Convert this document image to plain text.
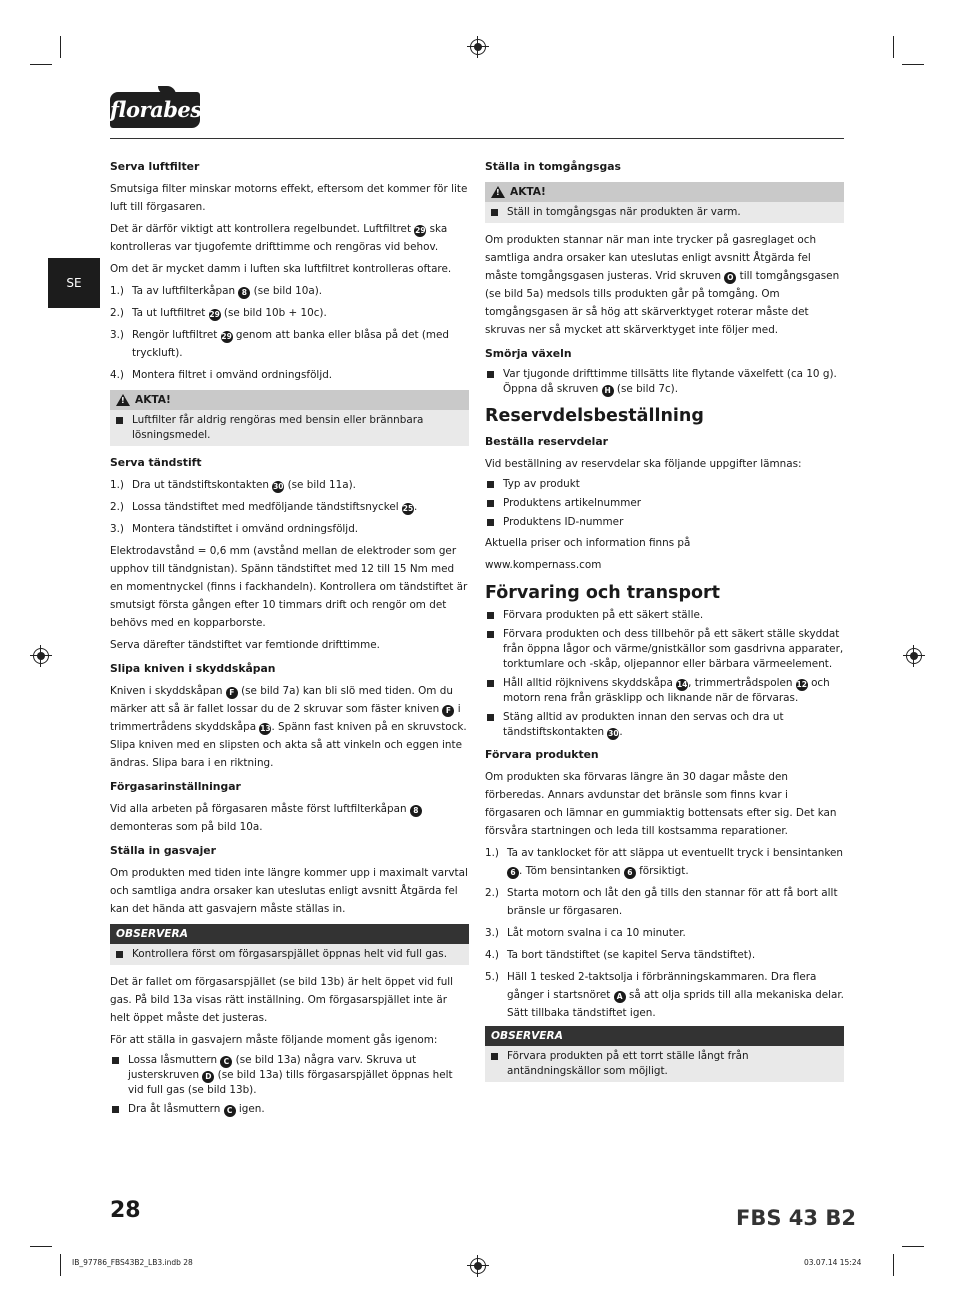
florabest
SE
Serva luftfilter

Smutsiga filter minskar motorns effekt, eftersom det kommer för lite luft till förgasaren.

Det är därför viktigt att kontrollera regelbundet. Luftfiltret 29 ska kontrolleras var tjugofemte drifttimme och rengöras vid behov.

Om det är mycket damm i luften ska luftfiltret kontrolleras oftare.

1.) Ta av luftfilterkåpan 8 (se bild 10a).
2.) Ta ut luftfiltret 29 (se bild 10b + 10c).
3.) Rengör luftfiltret 29 genom att banka eller blåsa på det (med tryckluft).
4.) Montera filtret i omvänd ordningsföljd.
!
AKTA!
Luftfilter får aldrig rengöras med bensin eller brännbara lösningsmedel.
Serva tändstift
1.) Dra ut tändstiftskontakten 30 (se bild 11a).
2.) Lossa tändstiftet med medföljande tändstiftsnyckel 25.
3.) Montera tändstiftet i omvänd ordningsföljd.

Elektrodavstånd = 0,6 mm (avstånd mellan de elektroder som ger upphov till tändgnistan). Spänn tändstiftet med 12 till 15 Nm med en momentnyckel (finns i fackhandeln). Kontrollera om tändstiftet är smutsigt första gången efter 10 timmars drift och rengör om det behövs med en kopparborste.

Serva därefter tändstiftet var femtionde drifttimme.

Slipa kniven i skyddskåpan

Kniven i skyddskåpan F (se bild 7a) kan bli slö med tiden. Om du märker att så är fallet lossar du de 2 skruvar som fäster kniven F i trimmertrådens skyddskåpa 13. Spänn fast kniven på en skruvstock. Slipa kniven med en slipsten och akta så att vinkeln och eggen inte ändras. Slipa bara i en riktning.

Förgasarinställningar

Vid alla arbeten på förgasaren måste först luftfilterkåpan 8 demonteras som på bild 10a.

Ställa in gasvajer

Om produkten med tiden inte längre kommer upp i maximalt varvtal och samtliga andra orsaker kan uteslutas enligt avsnitt Åtgärda fel kan det hända att gasvajern måste ställas in.

OBSERVERA
Kontrollera först om förgasarspjället öppnas helt vid full gas.

Det är fallet om förgasarspjället (se bild 13b) är helt öppet vid full gas. På bild 13a visas rätt inställning. Om förgasarspjället inte är helt öppet måste det justeras.

För att ställa in gasvajern måste följande moment gås igenom:

Lossa låsmuttern C (se bild 13a) några varv. Skruva ut justerskruven D (se bild 13a) tills förgasarspjället öppnas helt vid full gas (se bild 13b).
Dra åt låsmuttern C igen.
Ställa in tomgångsgas
!
AKTA!
Ställ in tomgångsgas när produkten är varm.

Om produkten stannar när man inte trycker på gasreglaget och samtliga andra orsaker kan uteslutas enligt avsnitt Åtgärda fel måste tomgångsgasen justeras. Vrid skruven O till tomgångsgasen (se bild 5a) medsols tills produkten går på tomgång. Om tomgångsgasen är så hög att skärverktyget roterar måste det skruvas ner så mycket att skärverktyget inte följer med.

Smörja växeln
Var tjugonde drifttimme tillsätts lite flytande växelfett (ca 10 g). Öppna då skruven H (se bild 7c).
Reservdelsbeställning
Beställa reservdelar

Vid beställning av reservdelar ska följande uppgifter lämnas:

Typ av produkt
Produktens artikelnummer
Produktens ID-nummer

Aktuella priser och information finns på

www.kompernass.com

Förvaring och transport
Förvara produkten på ett säkert ställe.
Förvara produkten och dess tillbehör på ett säkert ställe skyddat från öppna lågor och värme/gnistkällor som gasdrivna apparater, torktumlare och -skåp, oljepannor eller bärbara värmeelement.
Håll alltid röjknivens skyddskåpa 14, trimmertrådspolen 12 och motorn rena från gräsklipp och liknande när de förvaras.
Stäng alltid av produkten innan den servas och dra ut tändstiftskontakten 30.
Förvara produkten

Om produkten ska förvaras längre än 30 dagar måste den förberedas. Annars avdunstar det bränsle som finns kvar i förgasaren och lämnar en gummiaktig bottensats efter sig. Det kan försvåra startningen och leda till kostsamma reparationer.

1.) Ta av tanklocket för att släppa ut eventuellt tryck i bensintanken 6 . Töm bensintanken 6 försiktigt.
2.) Starta motorn och låt den gå tills den stannar för att få bort allt bränsle ur förgasaren.
3.) Låt motorn svalna i ca 10 minuter.
4.) Ta bort tändstiftet (se kapitel Serva tändstiftet).
5.) Häll 1 tesked 2-taktsolja i förbränningskammaren. Dra flera gånger i startsnöret A så att olja sprids till alla mekaniska delar. Sätt tillbaka tändstiftet igen.
OBSERVERA
Förvara produkten på ett torrt ställe långt från antändningskällor som möjligt.
28	FBS 43 B2
IB_97786_FBS43B2_LB3.indb 28	03.07.14 15:24
